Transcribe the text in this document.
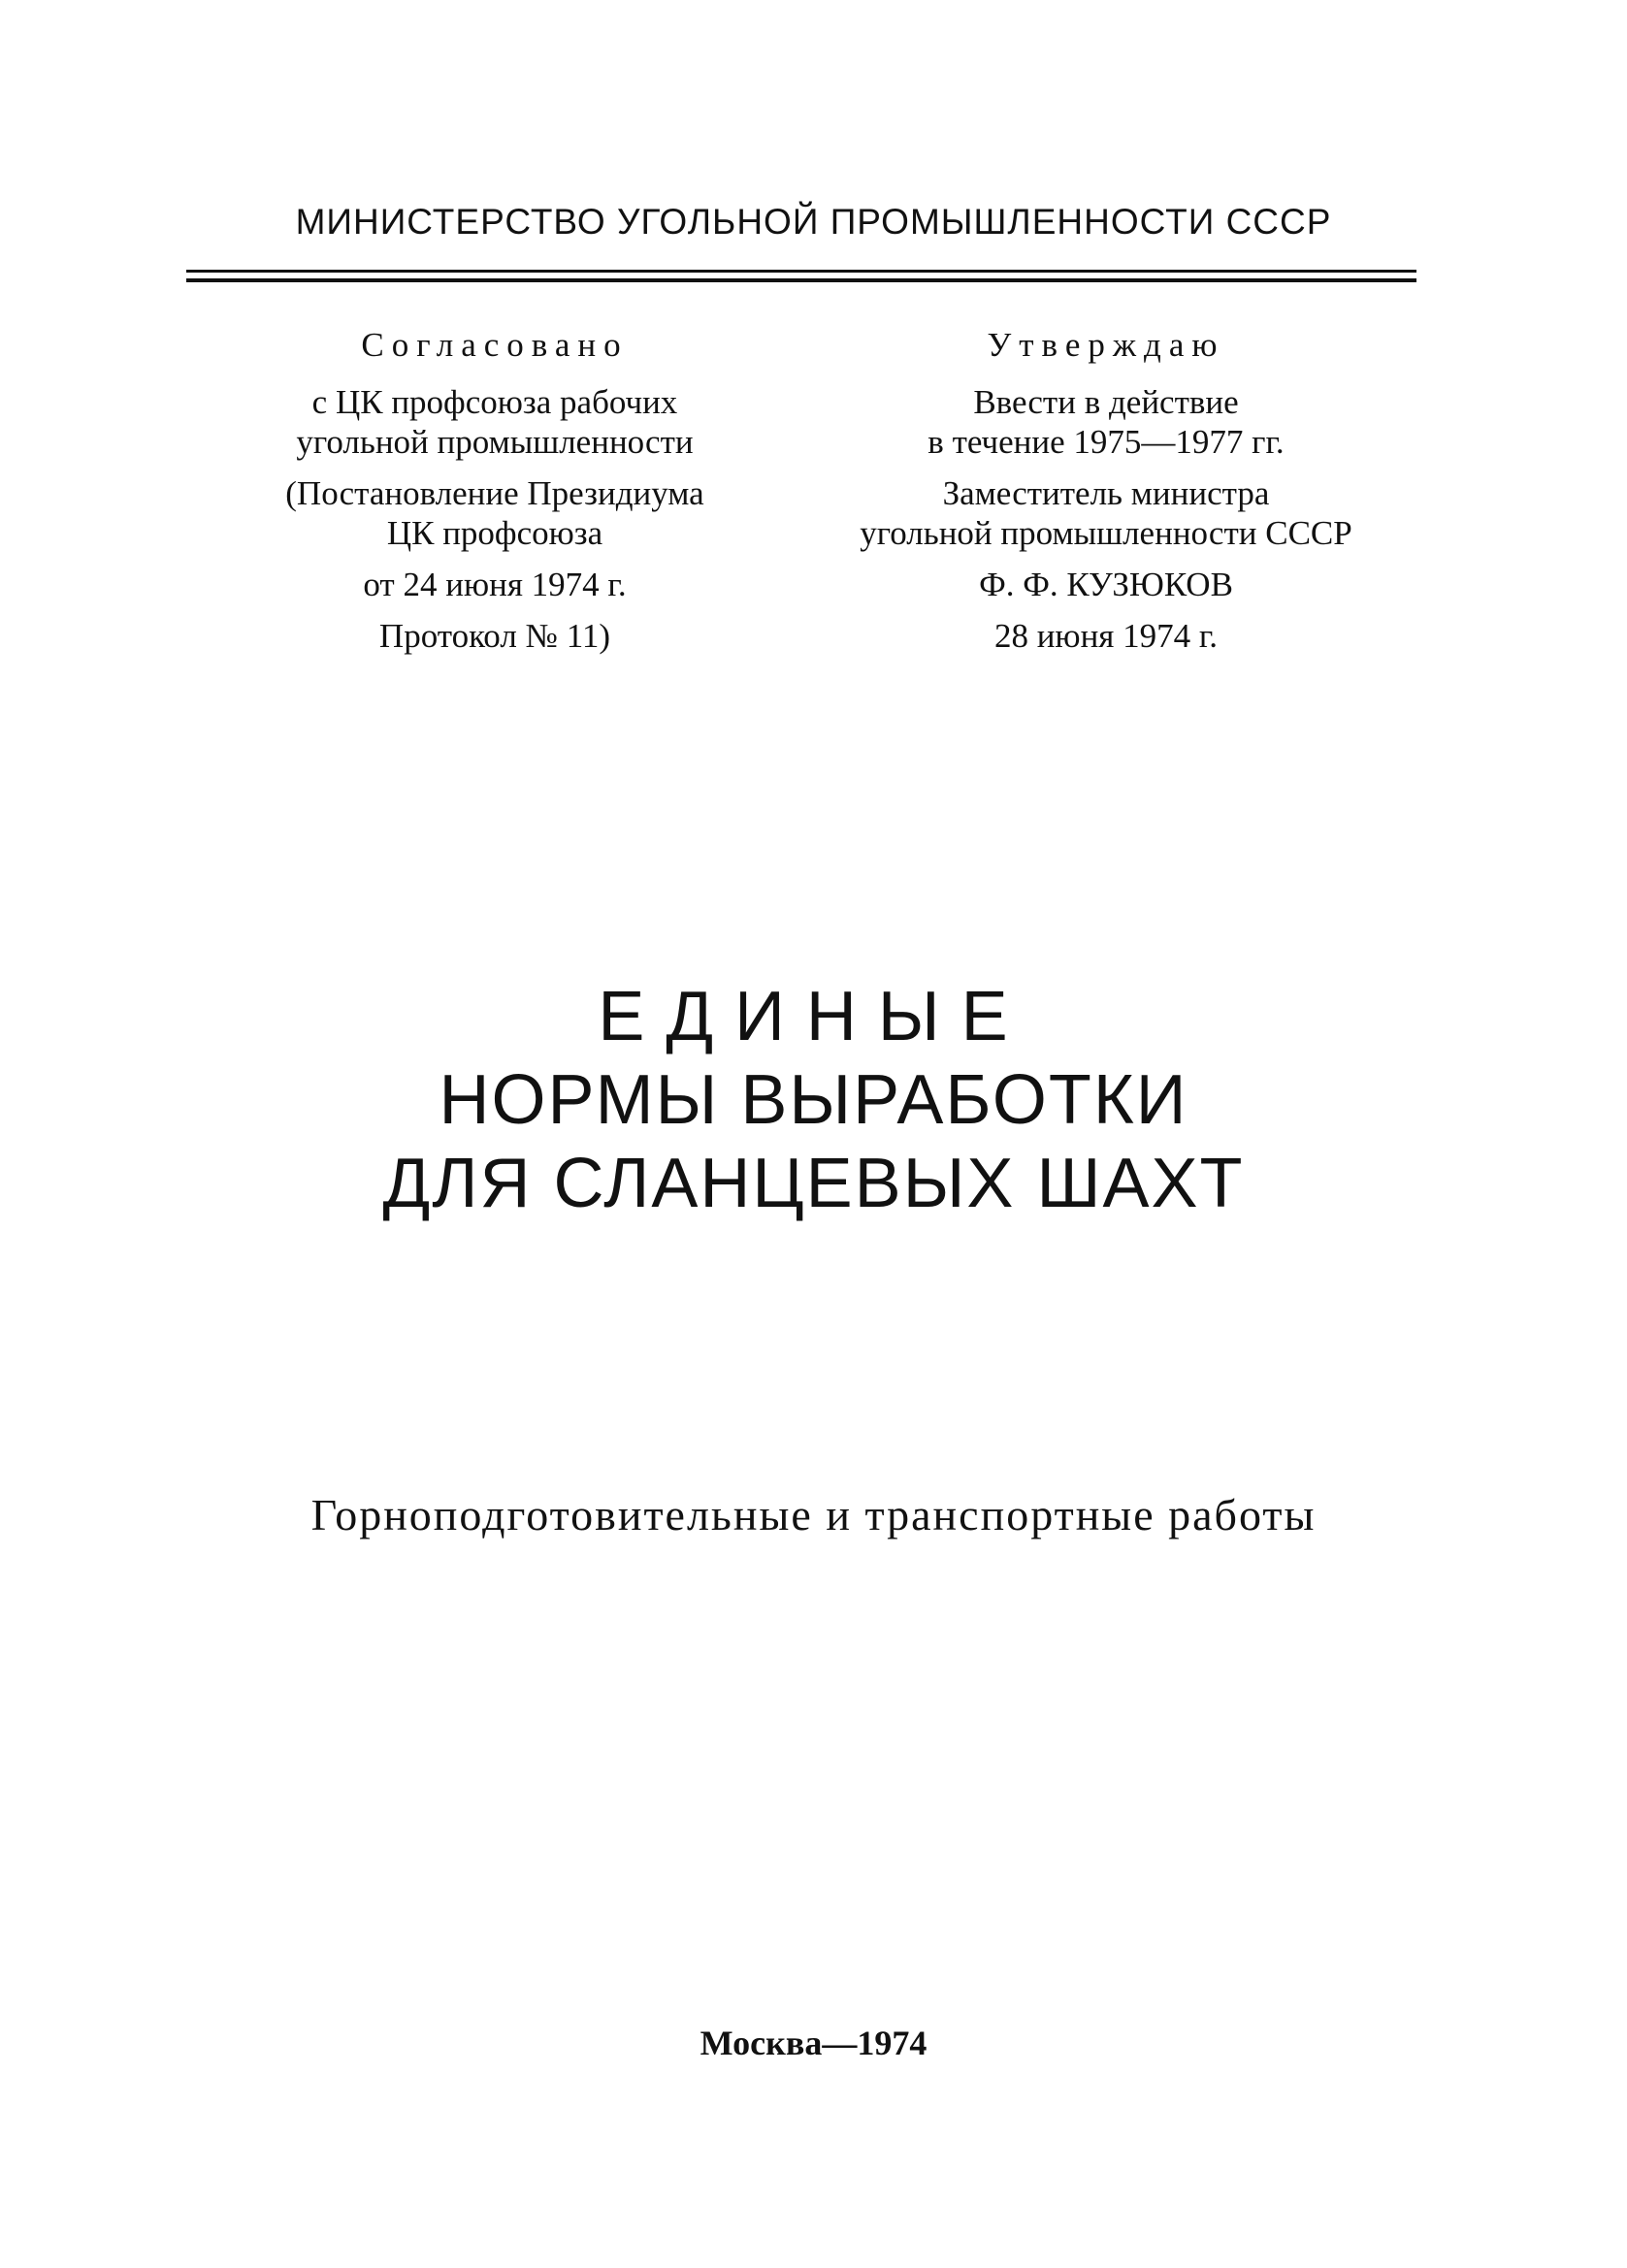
МИНИСТЕРСТВО УГОЛЬНОЙ ПРОМЫШЛЕННОСТИ СССР
Согласовано
с ЦК профсоюза рабочих
угольной промышленности
(Постановление Президиума
ЦК профсоюза
от 24 июня 1974 г.
Протокол № 11)
Утверждаю
Ввести в действие
в течение 1975—1977 гг.
Заместитель министра
угольной промышленности СССР
Ф. Ф. КУЗЮКОВ
28 июня 1974 г.
ЕДИНЫЕ
НОРМЫ ВЫРАБОТКИ
ДЛЯ СЛАНЦЕВЫХ ШАХТ
Горноподготовительные и транспортные работы
Москва—1974
